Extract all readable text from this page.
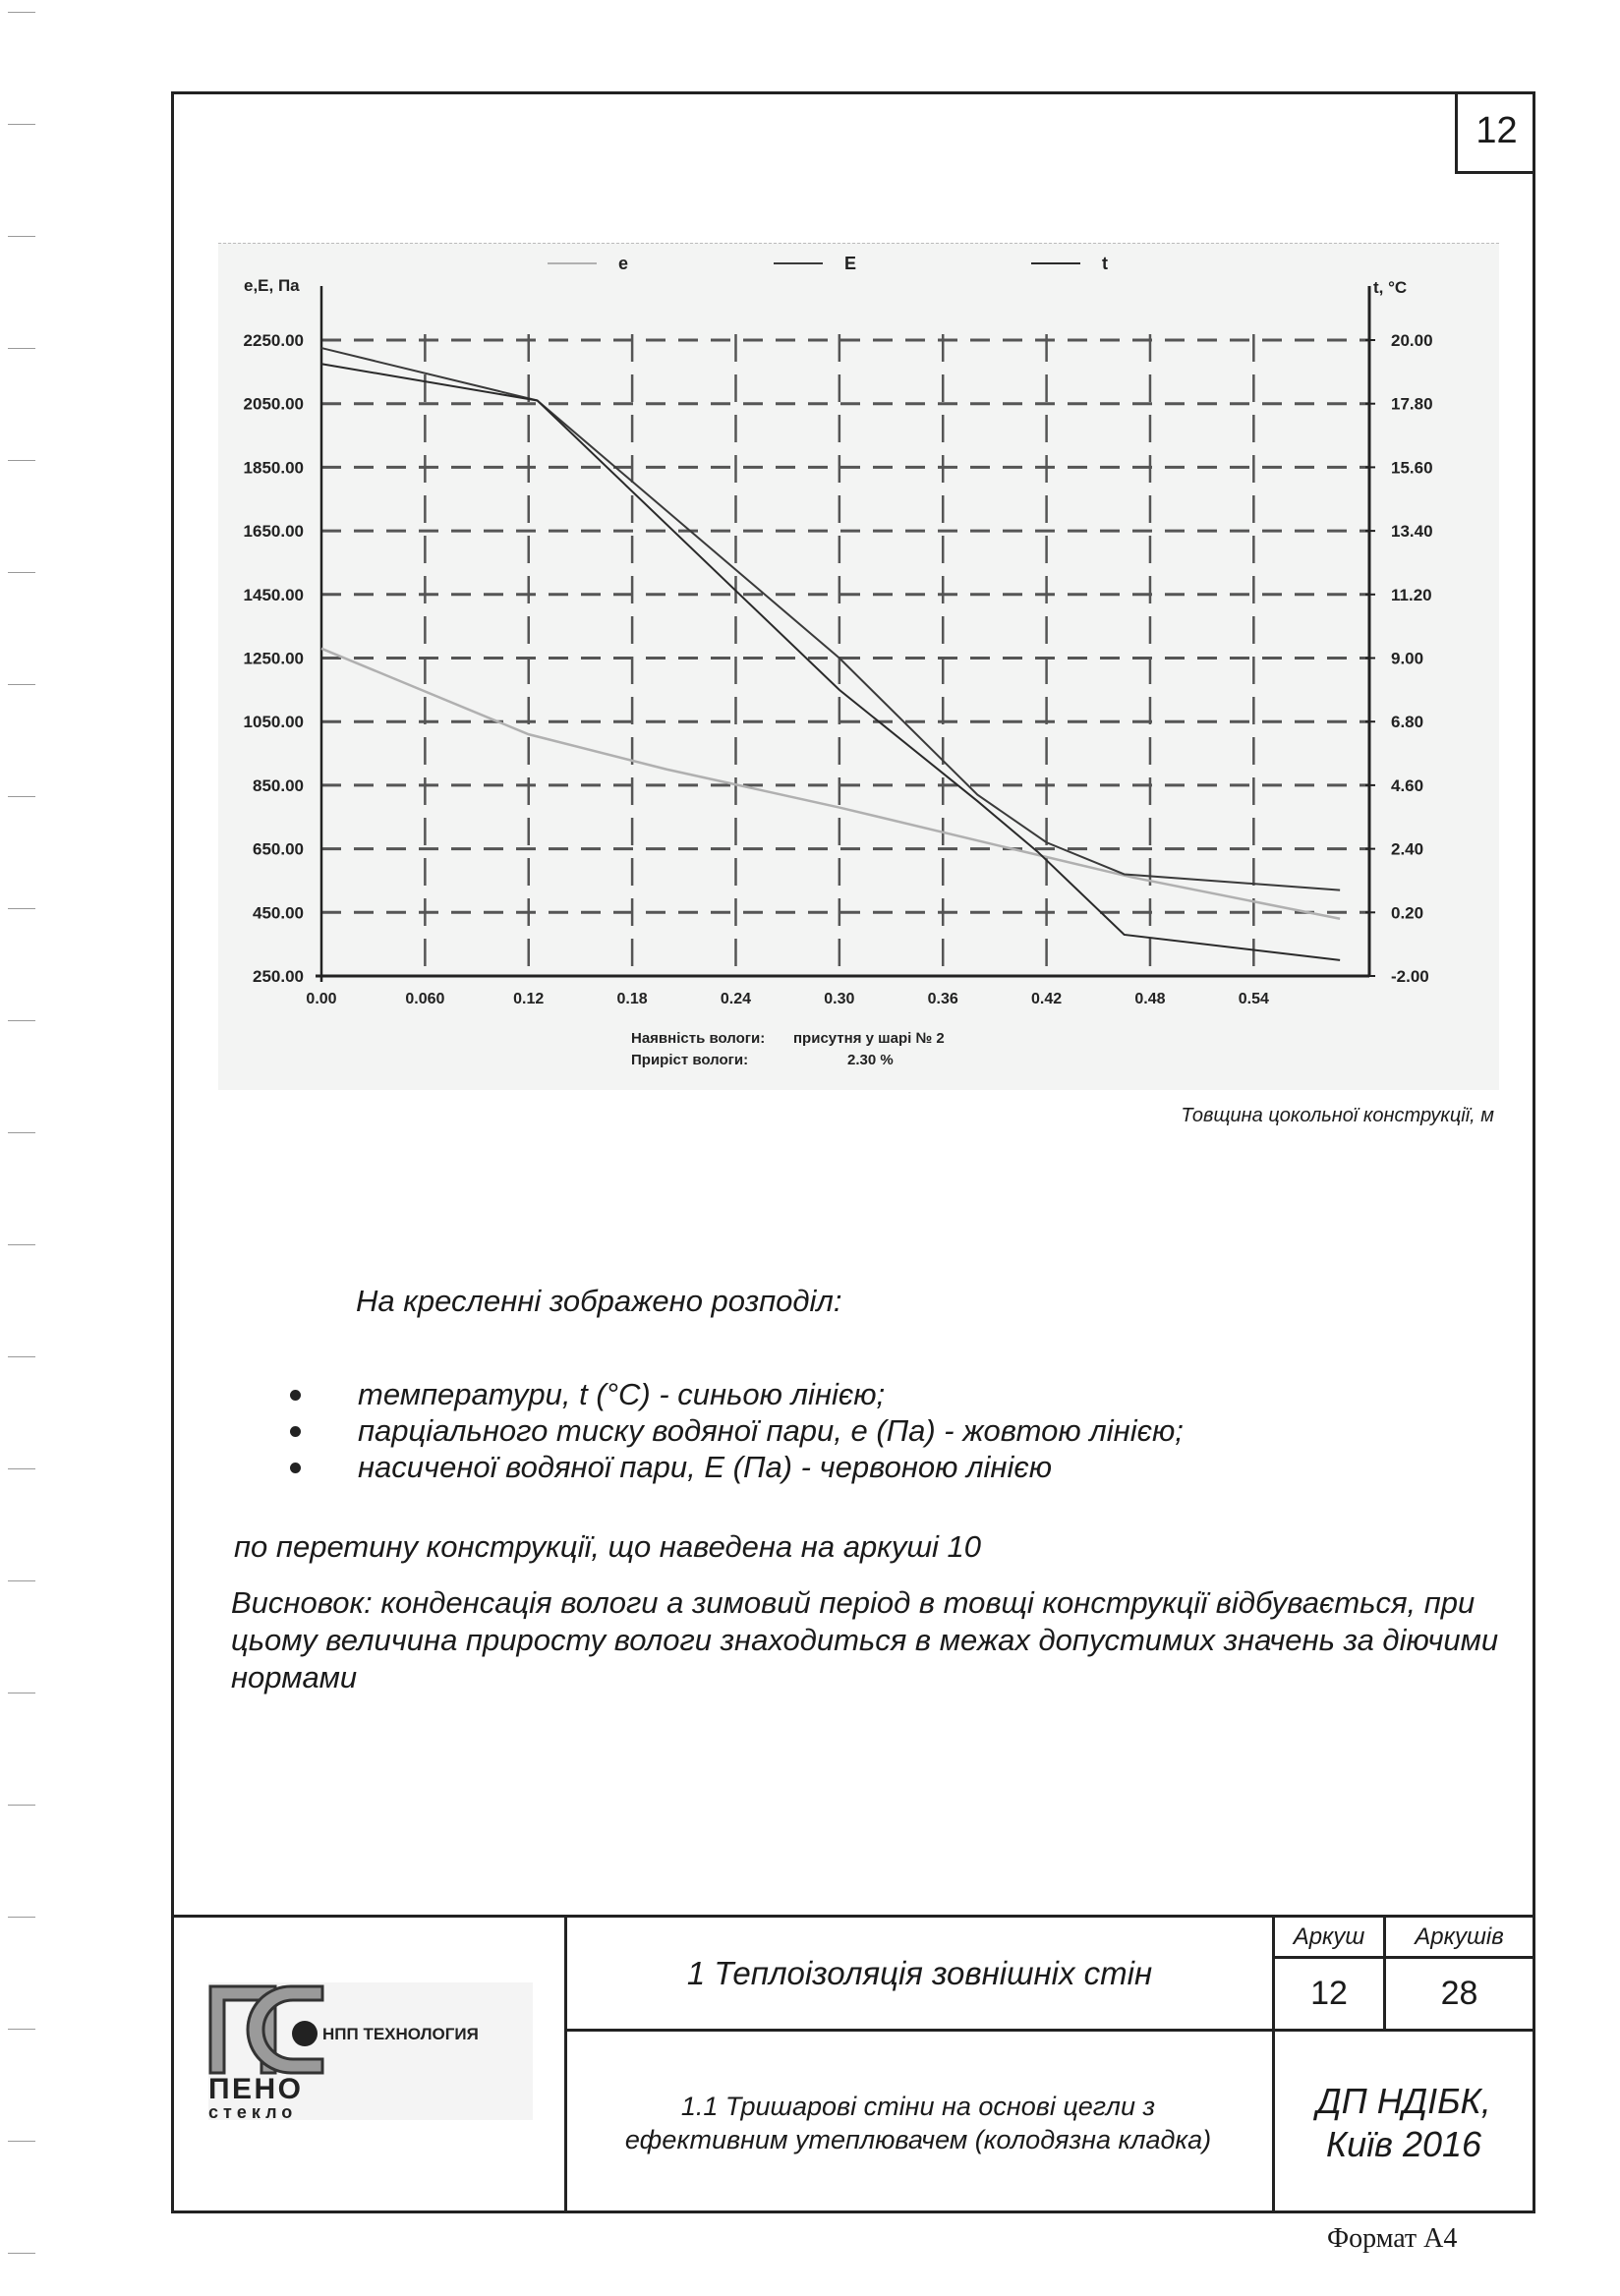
12
2250.00	20.00
2050.00	17.80
1850.00	15.60
1650.00	13.40
1450.00	11.20
1250.00	9.00
1050.00	6.80
850.00	4.60
650.00	2.40
450.00	0.20
250.00	-2.00
0.00	0.060	0.12	0.18	0.24	0.30	0.36	0.42	0.48	0.54
e	E	t
e,E, Па	t, °C
Наявність вологи: присутня у шарі № 2
Приріст вологи:	2.30 %
Товщина цокольної конструкції, м
На кресленні зображено розподіл:
температури, t (°С) - синьою лінією;
парціального тиску водяної пари, е (Па) - жовтою лінією;
насиченої водяної пари, Е (Па) - червоною лінією
по перетину конструкції, що наведена на аркуші 10
Висновок: конденсація вологи а зимовий період в товщі конструкції відбувається, при цьому величина приросту вологи знаходиться в межах допустимих значень за діючими нормами
1 Теплоізоляція зовнішніх стін
1.1 Тришарові стіни на основі цегли з ефективним утеплювачем (колодязна кладка)
Аркуш	Аркушів
12	28
ДП НДІБК,
Київ 2016
НПП ТЕХНОЛОГИЯ
ПЕНО
стекло
Формат А4
